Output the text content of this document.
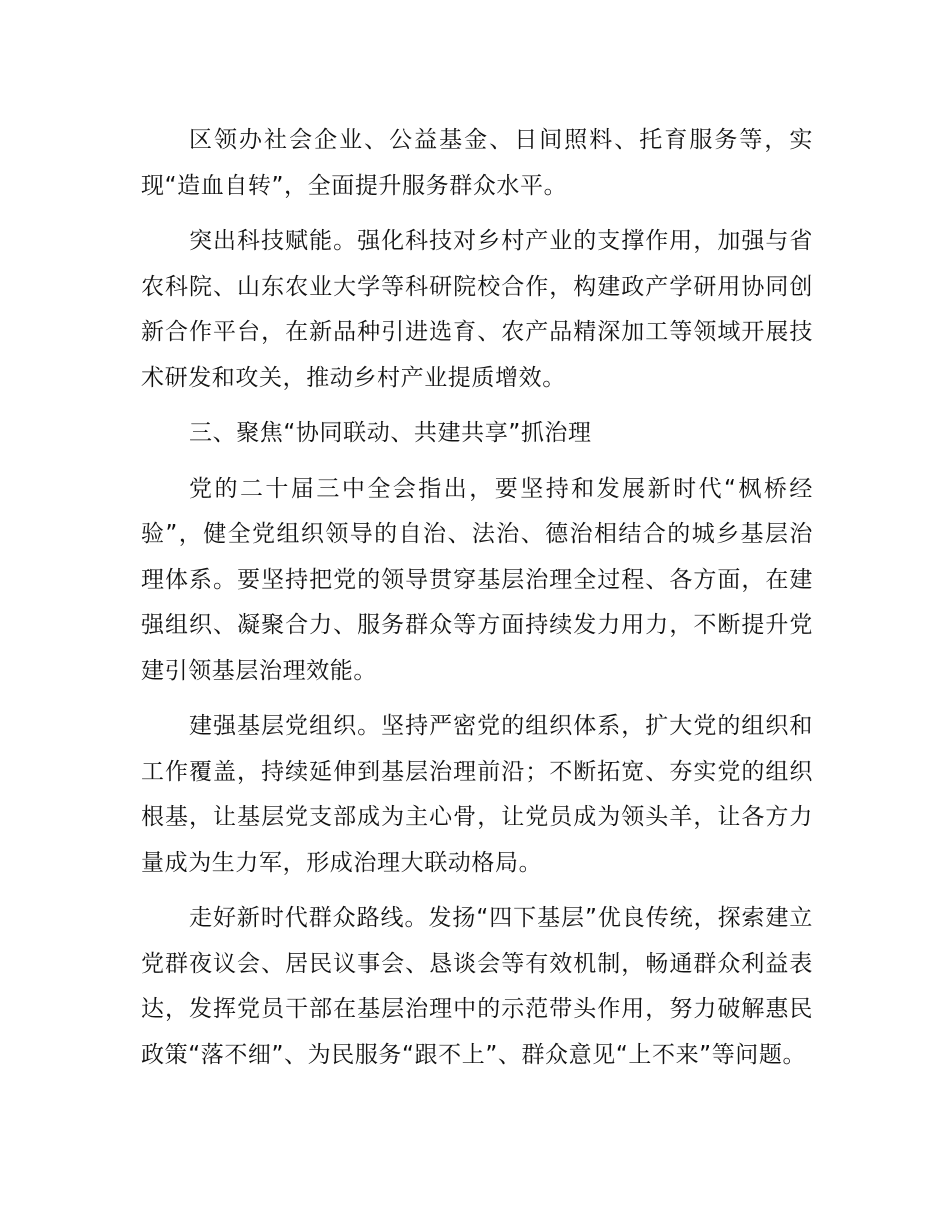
区领办社会企业、公益基金、日间照料、托育服务等，实现“造血自转”，全面提升服务群众水平。

突出科技赋能。强化科技对乡村产业的支撑作用，加强与省农科院、山东农业大学等科研院校合作，构建政产学研用协同创新合作平台，在新品种引进选育、农产品精深加工等领域开展技术研发和攻关，推动乡村产业提质增效。

三、聚焦“协同联动、共建共享”抓治理

党的二十届三中全会指出，要坚持和发展新时代“枫桥经验”，健全党组织领导的自治、法治、德治相结合的城乡基层治理体系。要坚持把党的领导贯穿基层治理全过程、各方面，在建强组织、凝聚合力、服务群众等方面持续发力用力，不断提升党建引领基层治理效能。

建强基层党组织。坚持严密党的组织体系，扩大党的组织和工作覆盖，持续延伸到基层治理前沿；不断拓宽、夯实党的组织根基，让基层党支部成为主心骨，让党员成为领头羊，让各方力量成为生力军，形成治理大联动格局。

走好新时代群众路线。发扬“四下基层”优良传统，探索建立党群夜议会、居民议事会、恳谈会等有效机制，畅通群众利益表达，发挥党员干部在基层治理中的示范带头作用，努力破解惠民政策“落不细”、为民服务“跟不上”、群众意见“上不来”等问题。
